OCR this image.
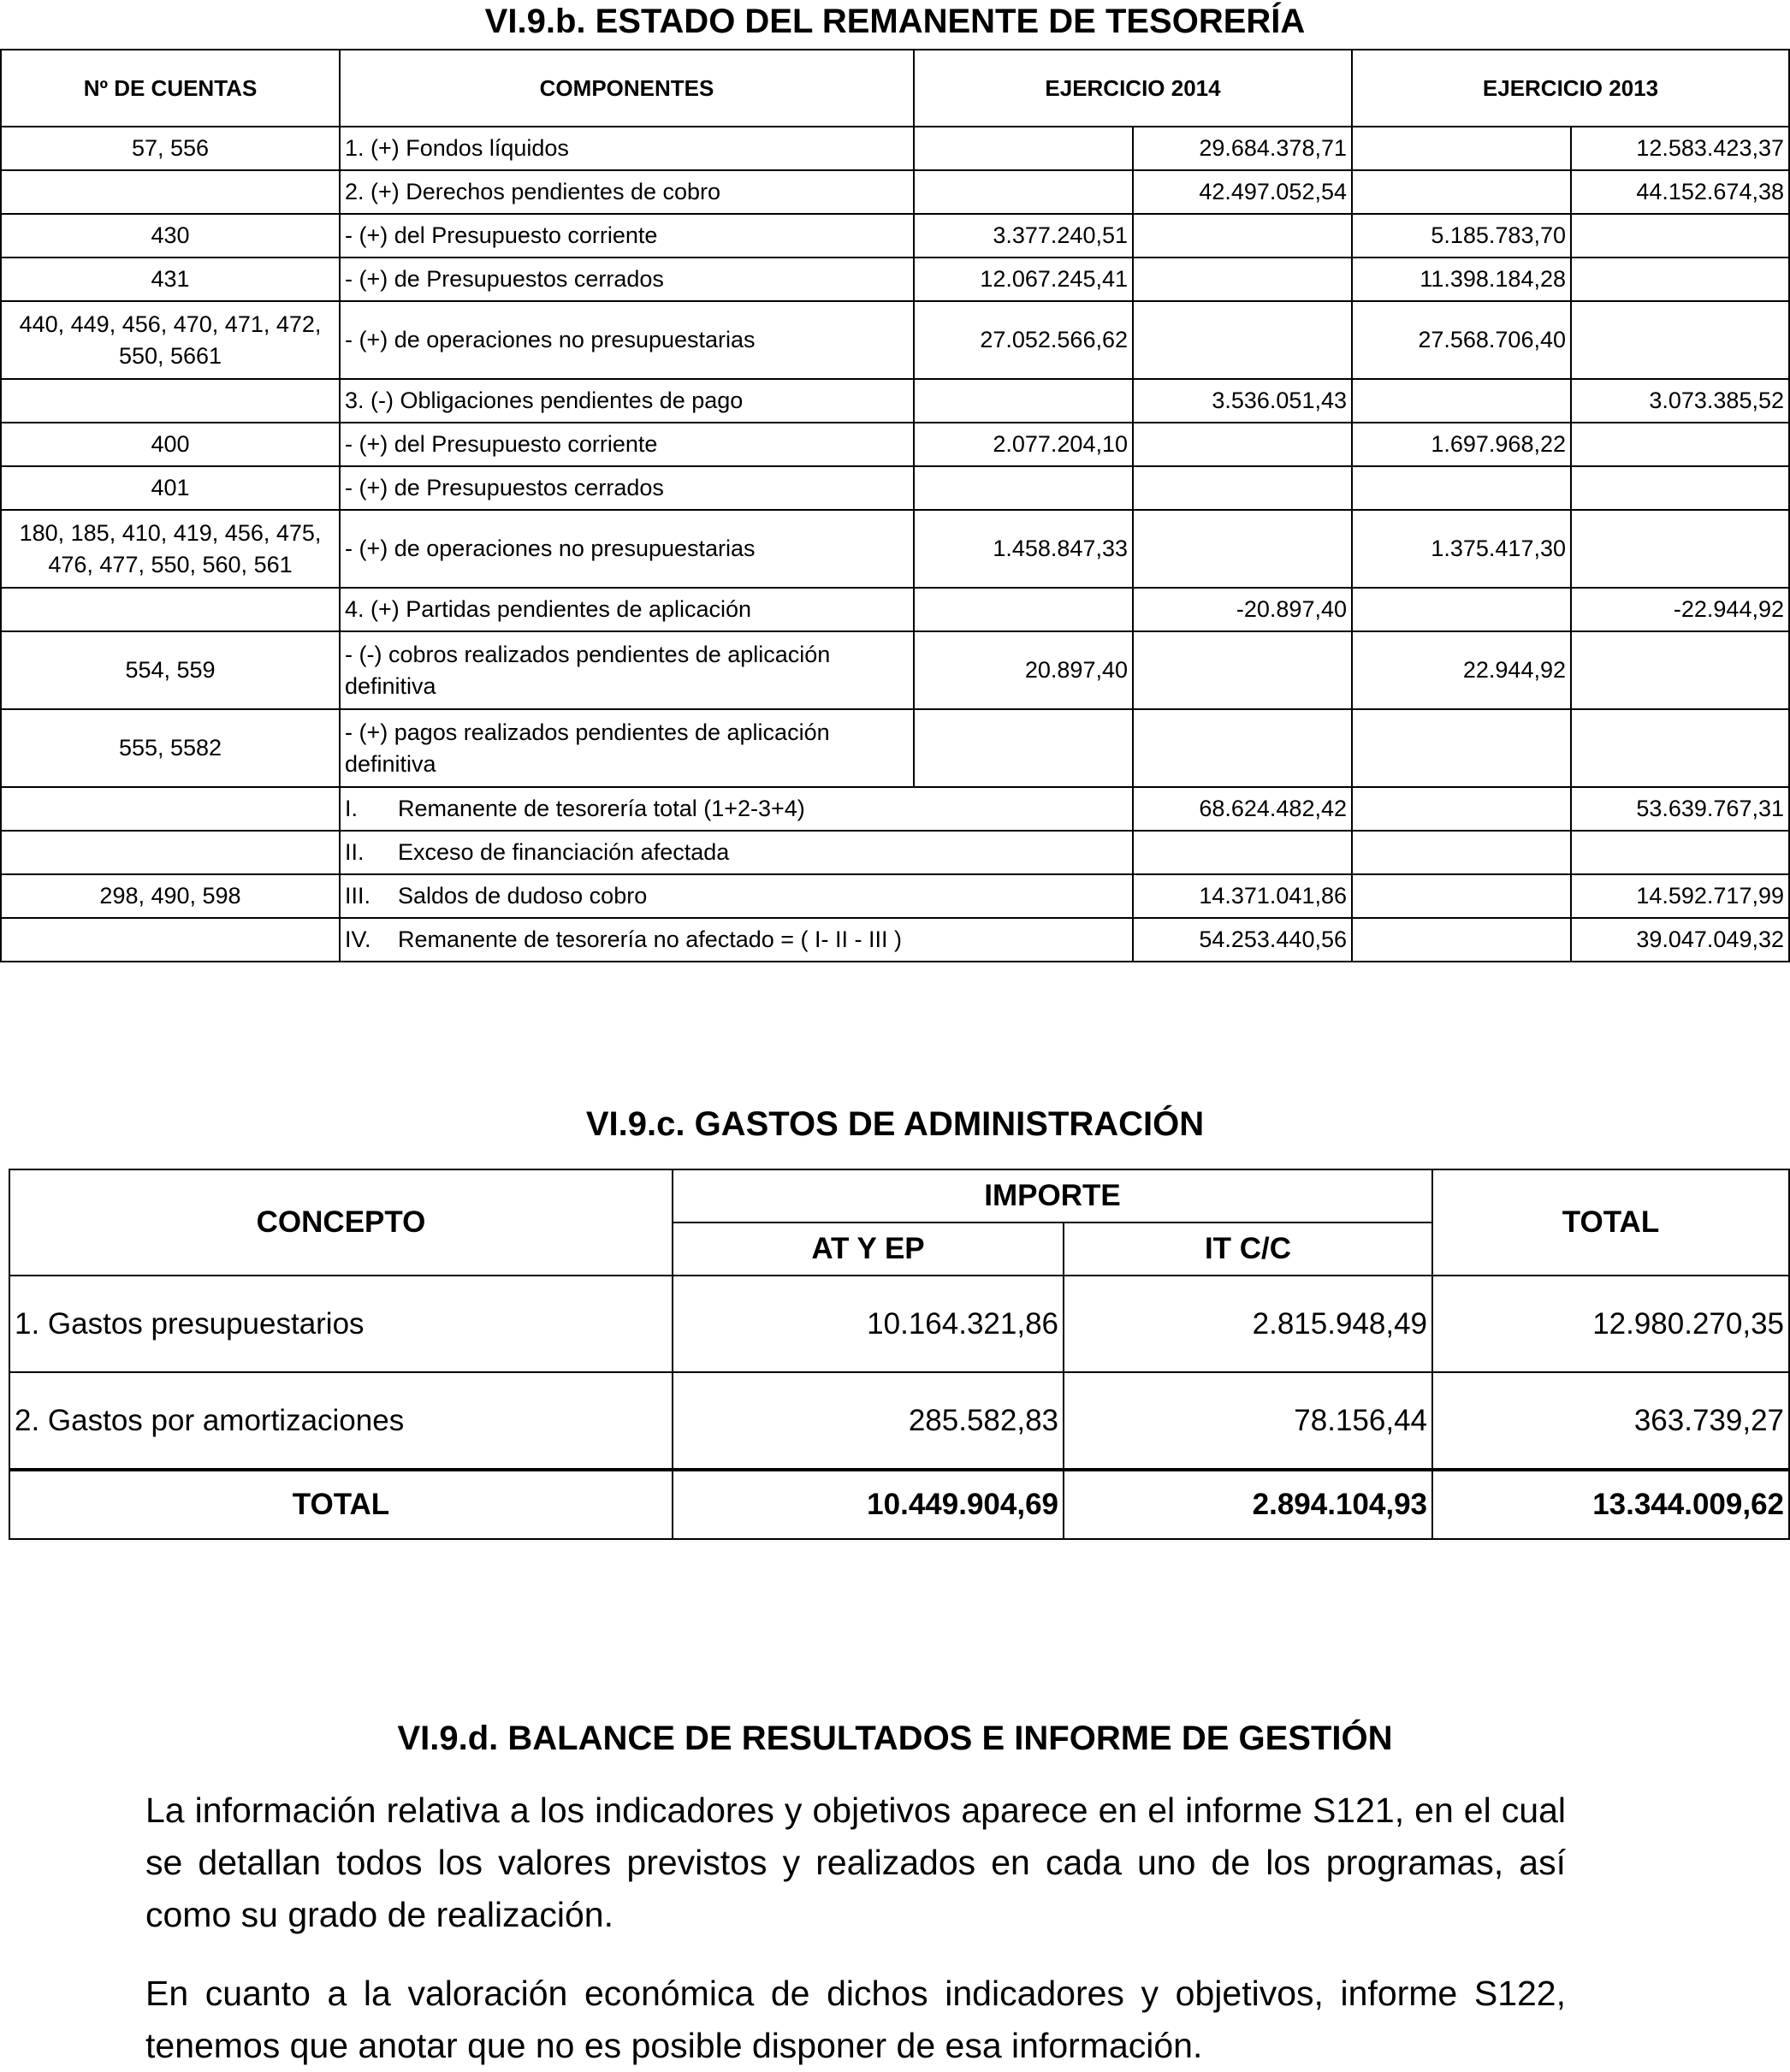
VI.9.b. ESTADO DEL REMANENTE DE TESORERÍA
Nº DE CUENTAS	COMPONENTES	EJERCICIO 2014		EJERCICIO 2013	
57, 556	1. (+) Fondos líquidos		29.684.378,71		12.583.423,37
	2. (+) Derechos pendientes de cobro		42.497.052,54		44.152.674,38
430	- (+) del Presupuesto corriente	3.377.240,51		5.185.783,70	
431	- (+) de Presupuestos cerrados	12.067.245,41		11.398.184,28	
440, 449, 456, 470, 471, 472,
550, 5661	- (+) de operaciones no presupuestarias	27.052.566,62		27.568.706,40	
	3. (-) Obligaciones pendientes de pago		3.536.051,43		3.073.385,52
400	- (+) del Presupuesto corriente	2.077.204,10		1.697.968,22	
401	- (+) de Presupuestos cerrados				
180, 185, 410, 419, 456, 475,
476, 477, 550, 560, 561	- (+) de operaciones no presupuestarias	1.458.847,33		1.375.417,30	
	4. (+) Partidas pendientes de aplicación		-20.897,40		-22.944,92
554, 559	- (-) cobros realizados pendientes de aplicación definitiva	20.897,40		22.944,92	
555, 5582	- (+) pagos realizados pendientes de aplicación definitiva				
	I. Remanente de tesorería total (1+2-3+4)		68.624.482,42		53.639.767,31
	II. Exceso de financiación afectada				
298, 490, 598	III. Saldos de dudoso cobro		14.371.041,86		14.592.717,99
	IV. Remanente de tesorería no afectado = ( I- II - III )		54.253.440,56		39.047.049,32
VI.9.c. GASTOS DE ADMINISTRACIÓN
CONCEPTO	IMPORTE		TOTAL
	AT Y EP	IT C/C	
1. Gastos presupuestarios	10.164.321,86	2.815.948,49	12.980.270,35
2. Gastos por amortizaciones	285.582,83	78.156,44	363.739,27
TOTAL	10.449.904,69	2.894.104,93	13.344.009,62
VI.9.d. BALANCE DE RESULTADOS E INFORME DE GESTIÓN

La información relativa a los indicadores y objetivos aparece en el informe S121, en el cual se detallan todos los valores previstos y realizados en cada uno de los programas, así como su grado de realización.

En cuanto a la valoración económica de dichos indicadores y objetivos, informe S122, tenemos que anotar que no es posible disponer de esa información.
